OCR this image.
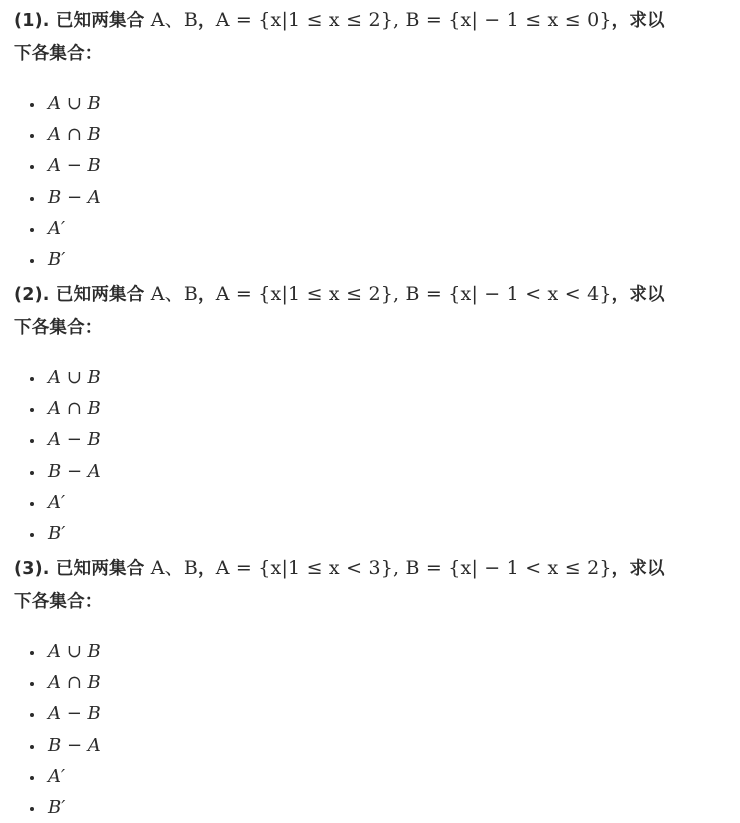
(1). 已知两集合 A、B，A = {x|1 ≤ x ≤ 2}, B = {x| − 1 ≤ x ≤ 0}，求以
下各集合：

A ∪ B
A ∩ B
A − B
B − A
A′
B′

(2). 已知两集合 A、B，A = {x|1 ≤ x ≤ 2}, B = {x| − 1 < x < 4}，求以
下各集合：

A ∪ B
A ∩ B
A − B
B − A
A′
B′

(3). 已知两集合 A、B，A = {x|1 ≤ x < 3}, B = {x| − 1 < x ≤ 2}，求以
下各集合：

A ∪ B
A ∩ B
A − B
B − A
A′
B′
